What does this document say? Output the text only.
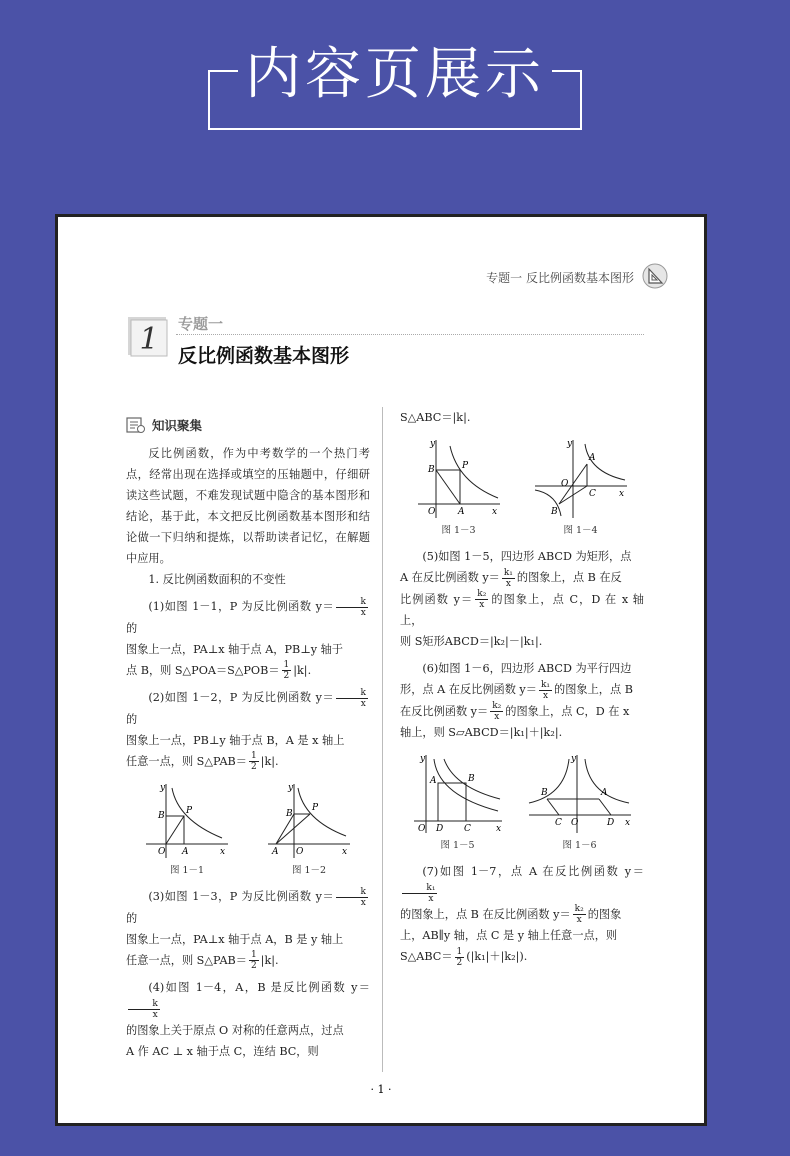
内容页展示
专题一 反比例函数基本图形
1 专题一
反比例函数基本图形
知识聚集

反比例函数，作为中考数学的一个热门考点，经常出现在选择或填空的压轴题中，仔细研读这些试题，不难发现试题中隐含的基本图形和结论，基于此，本文把反比例函数基本图形和结论做一下归纳和提炼，以帮助读者记忆，在解题中应用。

1. 反比例函数面积的不变性

(1)如图 1－1，P 为反比例函数 $y= \frac{k}{x}$
的
图象上一点，PA⊥x 轴于点 A，PB⊥y 轴于
点 B，则 S△POA＝S△POB＝ $\frac{1}{2} |k|$.

(2)如图 1－2，P 为反比例函数 $y= \frac{k}{x}$
的
图象上一点，PB⊥y 轴于点 B，A 是 x 轴上
任意一点，则 S△PAB＝ $\frac{1}{2} |k|$.

B P
O A	x
y
图 1－1
B
P
A O	x
y
图 1－2

(3)如图 1－3，P 为反比例函数 $y= \frac{k}{x}$
的
图象上一点，PA⊥x 轴于点 A，B 是 y 轴上
任意一点，则 S△PAB＝ $\frac{1}{2} |k|$.

(4)如图 1－4，A，B 是反比例函数 y＝
$\frac{k}{x}$
的图象上关于原点 O 对称的任意两点，过点
A 作 AC ⊥ x 轴于点 C，连结 BC，则

S△ABC＝|k|.

B	P
O	A	x
y
图 1－3
A
C
O
B
x
y
图 1－4

(5)如图 1－5，四边形 ABCD 为矩形，点
A 在反比例函数 $y= \frac{\text{k₁}}{x}$ 的图象上，点 B 在反
比例函数 $y= \frac{\text{k₂}}{x}$ 的图象上，点 C，D 在 x 轴上，
则 S矩形ABCD＝|k₂|－|k₁|.

(6)如图 1－6，四边形 ABCD 为平行四边
形，点 A 在反比例函数 $y= \frac{\text{k₁}}{x}$ 的图象上，点 B
在反比例函数 $y= \frac{\text{k₂}}{x}$ 的图象上，点 C，D 在 x
轴上，则 S▱ABCD＝|k₁|＋|k₂|.

A	B
O D C	x
y
图 1－5
B	A
C O	D x
y
图 1－6

(7)如图 1－7，点 A 在反比例函数 y＝
$\frac{\text{k₁}}{x}$
的图象上，点 B 在反比例函数 $y= \frac{\text{k₂}}{x}$ 的图象
上，AB∥y 轴，点 C 是 y 轴上任意一点，则
S△ABC＝ $\frac{1}{2} (|k_1|+|k_2|)$.

· 1 ·
